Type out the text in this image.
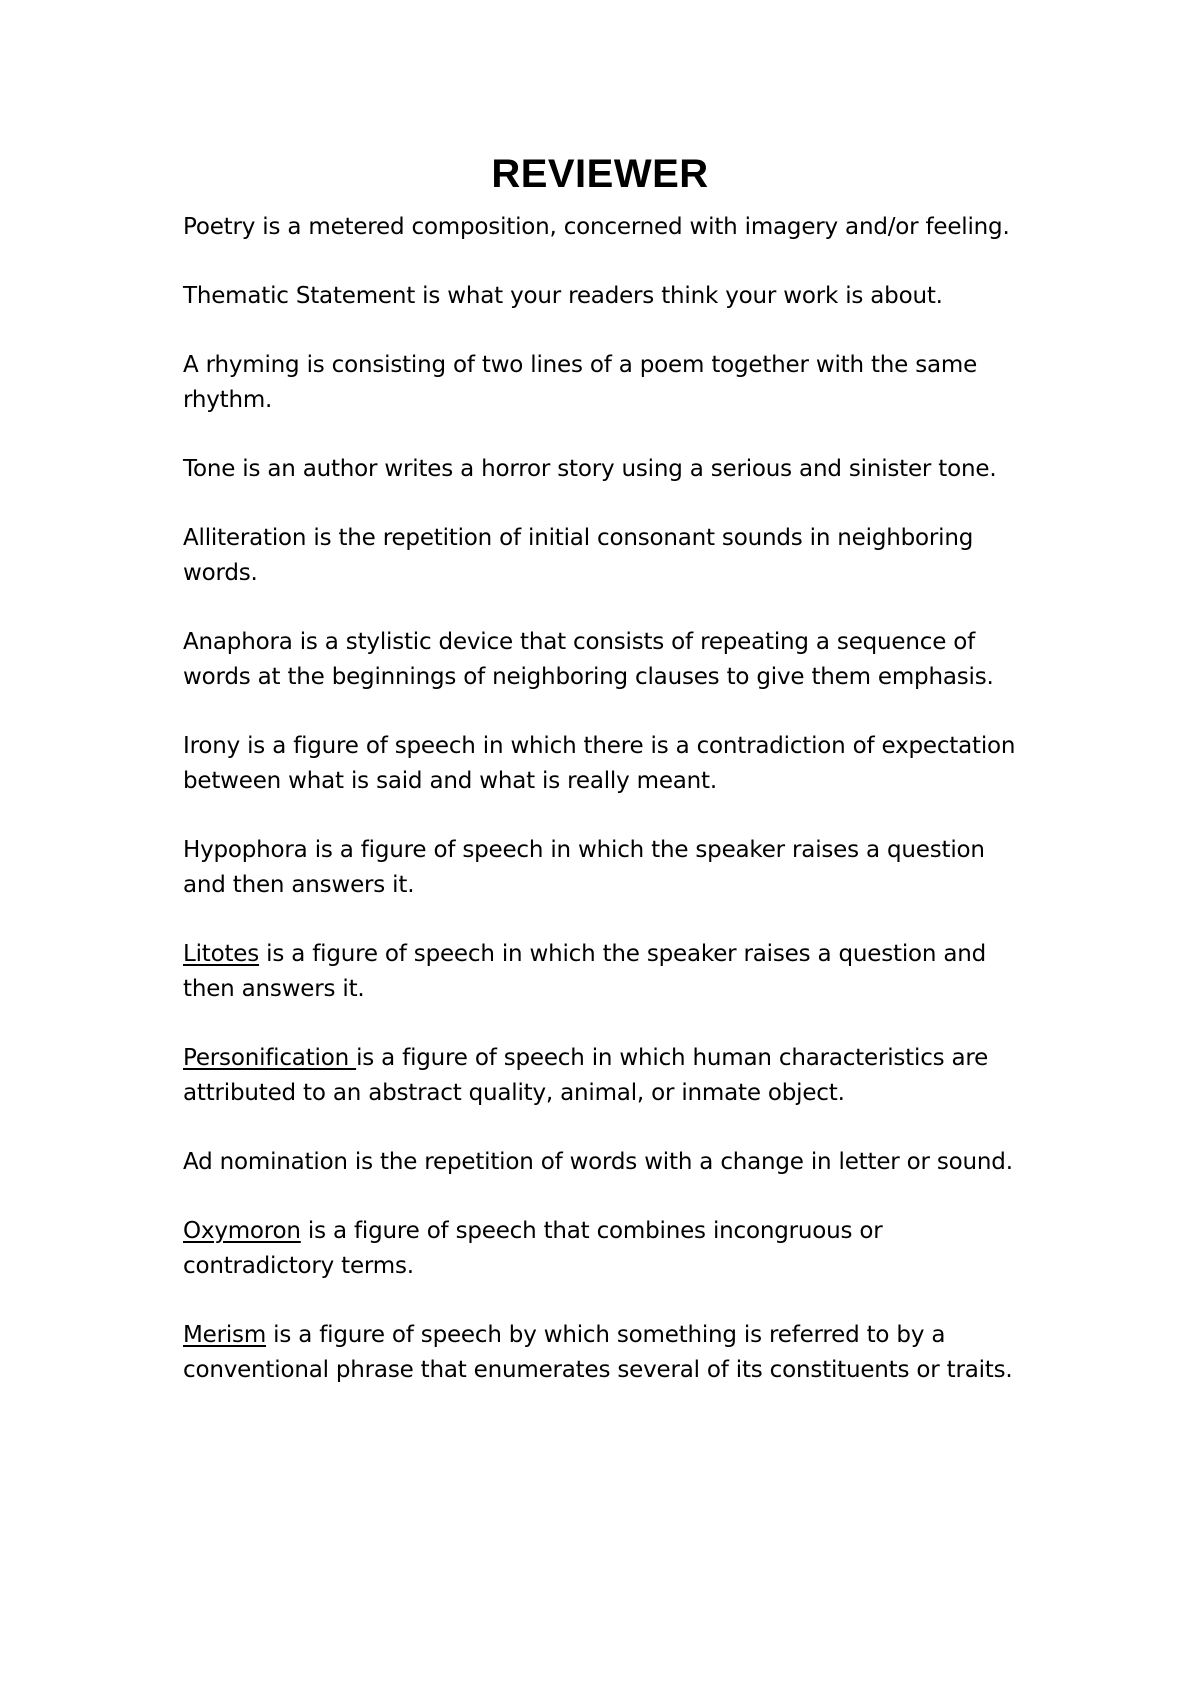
REVIEWER

Poetry is a metered composition, concerned with imagery and/or feeling.

Thematic Statement is what your readers think your work is about.

A rhyming is consisting of two lines of a poem together with the same rhythm.

Tone is an author writes a horror story using a serious and sinister tone.

Alliteration is the repetition of initial consonant sounds in neighboring words.

Anaphora is a stylistic device that consists of repeating a sequence of words at the beginnings of neighboring clauses to give them emphasis.

Irony is a figure of speech in which there is a contradiction of expectation between what is said and what is really meant.

Hypophora is a figure of speech in which the speaker raises a question and then answers it.

Litotes is a figure of speech in which the speaker raises a question and then answers it.

Personification is a figure of speech in which human characteristics are attributed to an abstract quality, animal, or inmate object.

Ad nomination is the repetition of words with a change in letter or sound.

Oxymoron is a figure of speech that combines incongruous or contradictory terms.

Merism is a figure of speech by which something is referred to by a conventional phrase that enumerates several of its constituents or traits.
